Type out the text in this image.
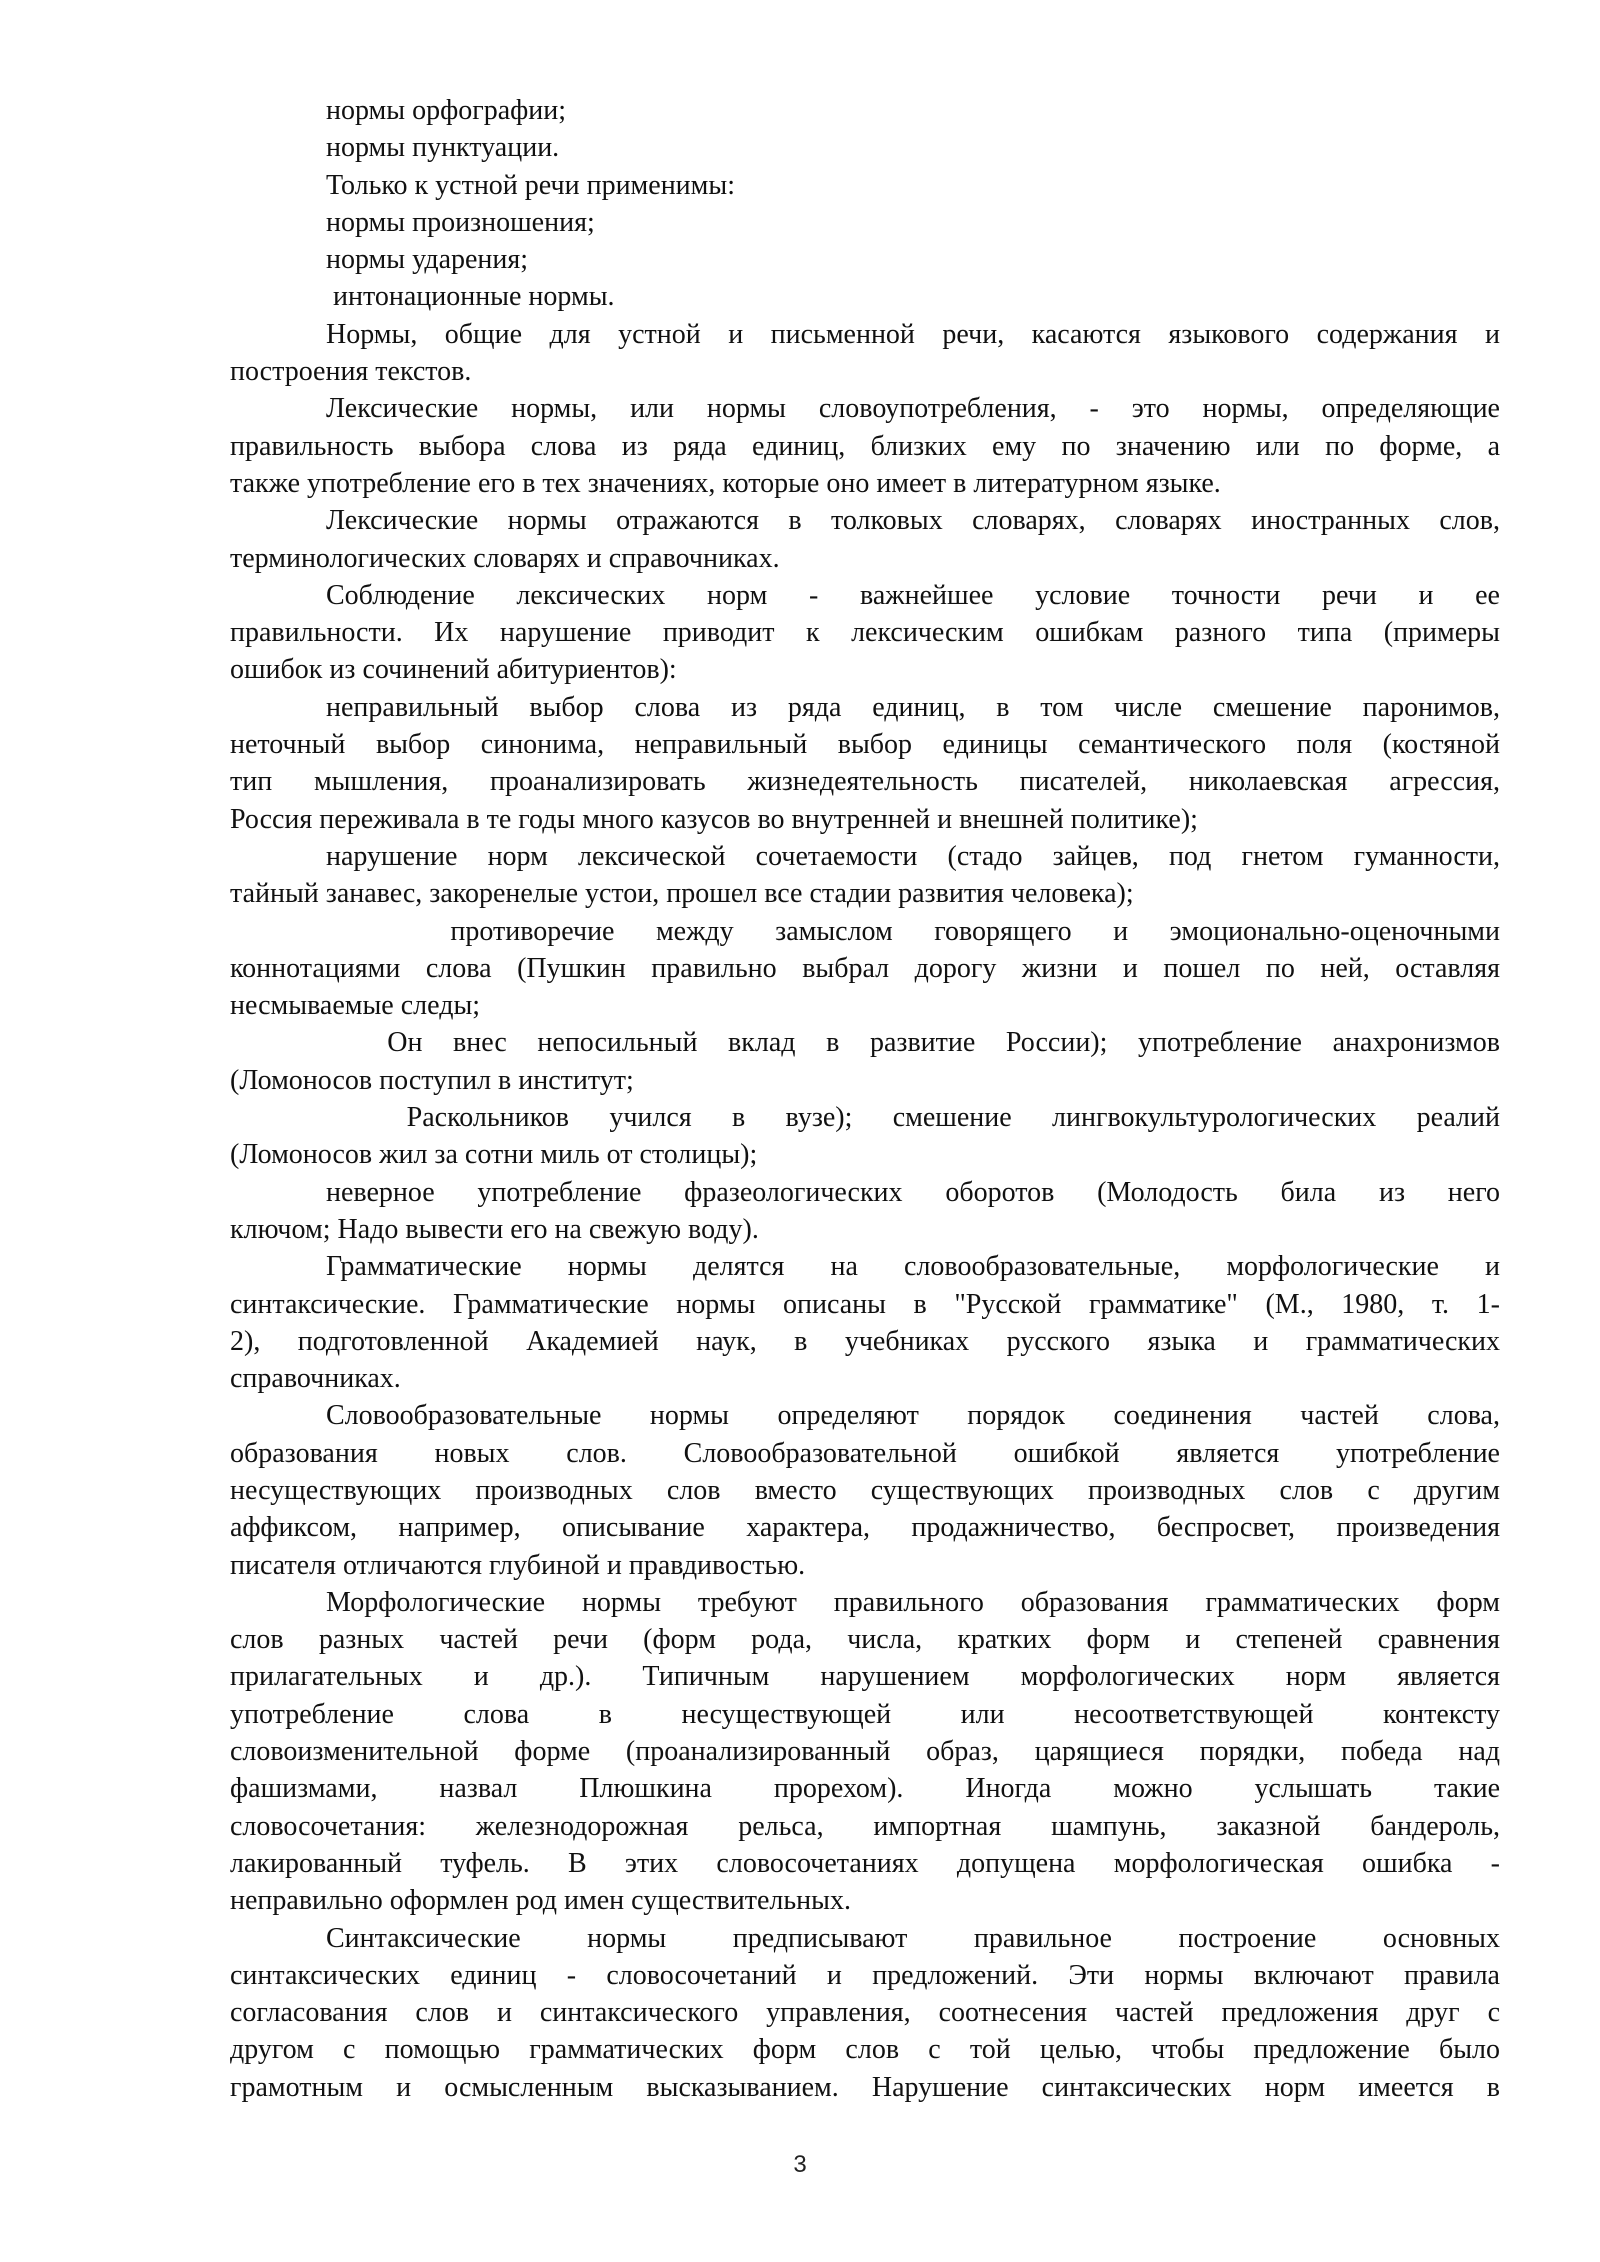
нормы орфографии;
нормы пунктуации.
Только к устной речи применимы:
нормы произношения;
нормы ударения;
интонационные нормы.
Нормы, общие для устной и письменной речи, касаются языкового содержания и
построения текстов.
Лексические нормы, или нормы словоупотребления, - это нормы, определяющие
правильность выбора слова из ряда единиц, близких ему по значению или по форме, а
также употребление его в тех значениях, которые оно имеет в литературном языке.
Лексические нормы отражаются в толковых словарях, словарях иностранных слов,
терминологических словарях и справочниках.
Соблюдение лексических норм - важнейшее условие точности речи и ее
правильности. Их нарушение приводит к лексическим ошибкам разного типа (примеры
ошибок из сочинений абитуриентов):
неправильный выбор слова из ряда единиц, в том числе смешение паронимов,
неточный выбор синонима, неправильный выбор единицы семантического поля (костяной
тип мышления, проанализировать жизнедеятельность писателей, николаевская агрессия,
Россия переживала в те годы много казусов во внутренней и внешней политике);
нарушение норм лексической сочетаемости (стадо зайцев, под гнетом гуманности,
тайный занавес, закоренелые устои, прошел все стадии развития человека);
противоречие между замыслом говорящего и эмоционально-оценочными
коннотациями слова (Пушкин правильно выбрал дорогу жизни и пошел по ней, оставляя
несмываемые следы;
Он внес непосильный вклад в развитие России); употребление анахронизмов
(Ломоносов поступил в институт;
Раскольников учился в вузе); смешение лингвокультурологических реалий
(Ломоносов жил за сотни миль от столицы);
неверное употребление фразеологических оборотов (Молодость била из него
ключом; Надо вывести его на свежую воду).
Грамматические нормы делятся на словообразовательные, морфологические и
синтаксические. Грамматические нормы описаны в "Русской грамматике" (М., 1980, т. 1-
2), подготовленной Академией наук, в учебниках русского языка и грамматических
справочниках.
Словообразовательные нормы определяют порядок соединения частей слова,
образования новых слов. Словообразовательной ошибкой является употребление
несуществующих производных слов вместо существующих производных слов с другим
аффиксом, например, описывание характера, продажничество, беспросвет, произведения
писателя отличаются глубиной и правдивостью.
Морфологические нормы требуют правильного образования грамматических форм
слов разных частей речи (форм рода, числа, кратких форм и степеней сравнения
прилагательных и др.). Типичным нарушением морфологических норм является
употребление слова в несуществующей или несоответствующей контексту
словоизменительной форме (проанализированный образ, царящиеся порядки, победа над
фашизмами, назвал Плюшкина прорехом). Иногда можно услышать такие
словосочетания: железнодорожная рельса, импортная шампунь, заказной бандероль,
лакированный туфель. В этих словосочетаниях допущена морфологическая ошибка -
неправильно оформлен род имен существительных.
Синтаксические нормы предписывают правильное построение основных
синтаксических единиц - словосочетаний и предложений. Эти нормы включают правила
согласования слов и синтаксического управления, соотнесения частей предложения друг с
другом с помощью грамматических форм слов с той целью, чтобы предложение было
грамотным и осмысленным высказыванием. Нарушение синтаксических норм имеется в
3
